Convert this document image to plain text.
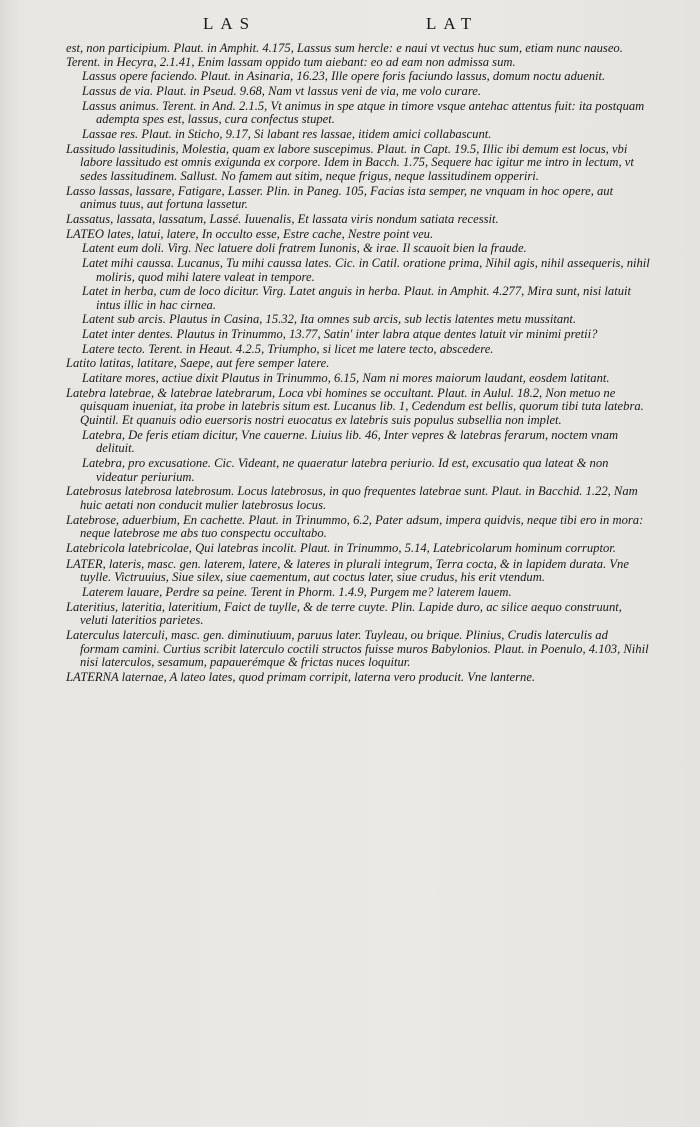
LAS	LAT

est, non participium. Plaut. in Amphit. 4.175, Lassus sum hercle: e naui vt vectus huc sum, etiam nunc nauseo. Terent. in Hecyra, 2.1.41, Enim lassam oppido tum aiebant: eo ad eam non admissa sum.

Lassus opere faciendo. Plaut. in Asinaria, 16.23, Ille opere foris faciundo lassus, domum noctu aduenit.

Lassus de via. Plaut. in Pseud. 9.68, Nam vt lassus veni de via, me volo curare.

Lassus animus. Terent. in And. 2.1.5, Vt animus in spe atque in timore vsque antehac attentus fuit: ita postquam adempta spes est, lassus, cura confectus stupet.

Lassae res. Plaut. in Sticho, 9.17, Si labant res lassae, itidem amici collabascunt.

Lassitudo lassitudinis, Molestia, quam ex labore suscepimus. Plaut. in Capt. 19.5, Illic ibi demum est locus, vbi labore lassitudo est omnis exigunda ex corpore. Idem in Bacch. 1.75, Sequere hac igitur me intro in lectum, vt sedes lassitudinem. Sallust. No famem aut sitim, neque frigus, neque lassitudinem opperiri.

Lasso lassas, lassare, Fatigare, Lasser. Plin. in Paneg. 105, Facias ista semper, ne vnquam in hoc opere, aut animus tuus, aut fortuna lassetur.

Lassatus, lassata, lassatum, Lassé. Iuuenalis, Et lassata viris nondum satiata recessit.

LATEO lates, latui, latere, In occulto esse, Estre cache, Nestre point veu.

Latent eum doli. Virg. Nec latuere doli fratrem Iunonis, & irae. Il scauoit bien la fraude.

Latet mihi caussa. Lucanus, Tu mihi caussa lates. Cic. in Catil. oratione prima, Nihil agis, nihil assequeris, nihil moliris, quod mihi latere valeat in tempore.

Latet in herba, cum de loco dicitur. Virg. Latet anguis in herba. Plaut. in Amphit. 4.277, Mira sunt, nisi latuit intus illic in hac cirnea.

Latent sub arcis. Plautus in Casina, 15.32, Ita omnes sub arcis, sub lectis latentes metu mussitant.

Latet inter dentes. Plautus in Trinummo, 13.77, Satin' inter labra atque dentes latuit vir minimi pretii?

Latere tecto. Terent. in Heaut. 4.2.5, Triumpho, si licet me latere tecto, abscedere.

Latito latitas, latitare, Saepe, aut fere semper latere.

Latitare mores, actiue dixit Plautus in Trinummo, 6.15, Nam ni mores maiorum laudant, eosdem latitant.

Latebra latebrae, & latebrae latebrarum, Loca vbi homines se occultant. Plaut. in Aulul. 18.2, Non metuo ne quisquam inueniat, ita probe in latebris situm est. Lucanus lib. 1, Cedendum est bellis, quorum tibi tuta latebra. Quintil. Et quanuis odio euersoris nostri euocatus ex latebris suis populus subsellia non implet.

Latebra, De feris etiam dicitur, Vne cauerne. Liuius lib. 46, Inter vepres & latebras ferarum, noctem vnam delituit.

Latebra, pro excusatione. Cic. Videant, ne quaeratur latebra periurio. Id est, excusatio qua lateat & non videatur periurium.

Latebrosus latebrosa latebrosum. Locus latebrosus, in quo frequentes latebrae sunt. Plaut. in Bacchid. 1.22, Nam huic aetati non conducit mulier latebrosus locus.

Latebrose, aduerbium, En cachette. Plaut. in Trinummo, 6.2, Pater adsum, impera quidvis, neque tibi ero in mora: neque latebrose me abs tuo conspectu occultabo.

Latebricola latebricolae, Qui latebras incolit. Plaut. in Trinummo, 5.14, Latebricolarum hominum corruptor.

LATER, lateris, masc. gen. laterem, latere, & lateres in plurali integrum, Terra cocta, & in lapidem durata. Vne tuylle. Victruuius, Siue silex, siue caementum, aut coctus later, siue crudus, his erit vtendum.

Laterem lauare, Perdre sa peine. Terent in Phorm. 1.4.9, Purgem me? laterem lauem.

Lateritius, lateritia, lateritium, Faict de tuylle, & de terre cuyte. Plin. Lapide duro, ac silice aequo construunt, veluti lateritios parietes.

Laterculus laterculi, masc. gen. diminutiuum, paruus later. Tuyleau, ou brique. Plinius, Crudis laterculis ad formam camini. Curtius scribit laterculo coctili structos fuisse muros Babylonios. Plaut. in Poenulo, 4.103, Nihil nisi laterculos, sesamum, papauerémque & frictas nuces loquitur.

LATERNA laternae, A lateo lates, quod primam corripit, laterna vero producit. Vne lanterne.
